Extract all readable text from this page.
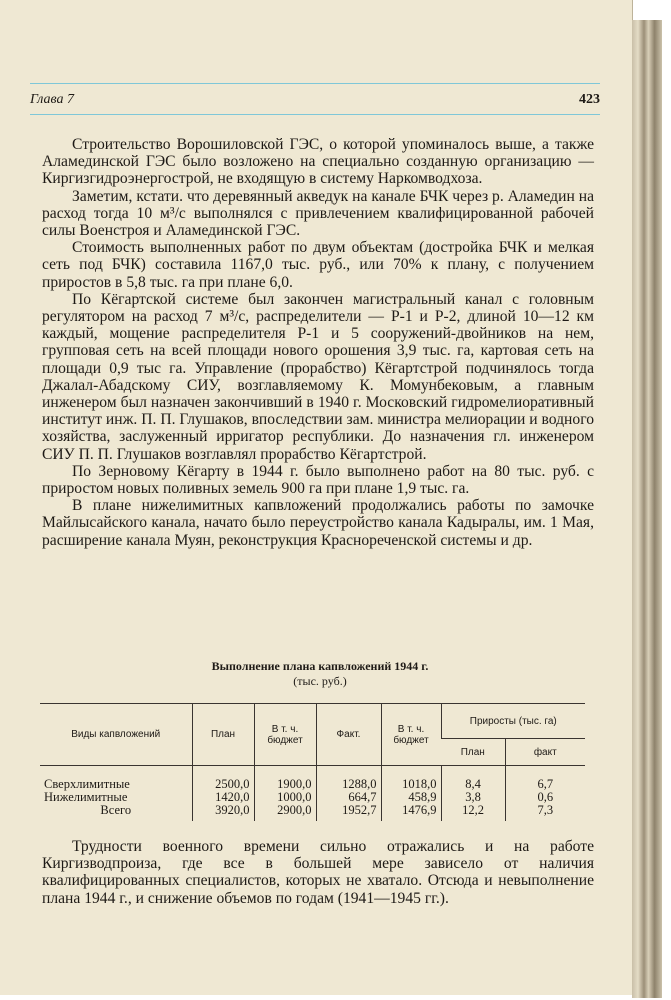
Глава 7	423

Строительство Ворошиловской ГЭС, о которой упоминалось выше, а также Аламединской ГЭС было возложено на специально созданную организацию — Киргизгидроэнергострой, не входящую в систему Наркомводхоза.

Заметим, кстати. что деревянный акведук на канале БЧК через р. Аламедин на расход тогда 10 м³/с выполнялся с привлечением квалифицированной рабочей силы Военстроя и Аламединской ГЭС.

Стоимость выполненных работ по двум объектам (достройка БЧК и мелкая сеть под БЧК) составила 1167,0 тыс. руб., или 70% к плану, с получением приростов в 5,8 тыс. га при плане 6,0.

По Кёгартской системе был закончен магистральный канал с головным регулятором на расход 7 м³/с, распределители — Р-1 и Р-2, длиной 10—12 км каждый, мощение распределителя Р-1 и 5 сооружений-двойников на нем, групповая сеть на всей площади нового орошения 3,9 тыс. га, картовая сеть на площади 0,9 тыс га. Управление (прорабство) Кёгартстрой подчинялось тогда Джалал-Абадскому СИУ, возглавляемому К. Момунбековым, а главным инженером был назначен закончивший в 1940 г. Московский гидромелиоративный институт инж. П. П. Глушаков, впоследствии зам. министра мелиорации и водного хозяйства, заслуженный ирригатор республики. До назначения гл. инженером СИУ П. П. Глушаков возглавлял прорабство Кёгартстрой.

По Зерновому Кёгарту в 1944 г. было выполнено работ на 80 тыс. руб. с приростом новых поливных земель 900 га при плане 1,9 тыс. га.

В плане нижелимитных капвложений продолжались работы по замочке Майлысайского канала, начато было переустройство канала Кадыралы, им. 1 Мая, расширение канала Муян, реконструкция Краснореченской системы и др.

Выполнение плана капвложений 1944 г.
(тыс. руб.)
Виды капвложений	План	В т. ч. бюджет	Факт.	В т. ч. бюджет	Приросты (тыс. га)	
					План	факт
Сверхлимитные	2500,0	1900,0	1288,0	1018,0	8,4	6,7
Нижелимитные	1420,0	1000,0	664,7	458,9	3,8	0,6
Всего	3920,0	2900,0	1952,7	1476,9	12,2	7,3

Трудности военного времени сильно отражались и на работе Киргизводпроиза, где все в большей мере зависело от наличия квалифицированных специалистов, которых не хватало. Отсюда и невыполнение плана 1944 г., и снижение объемов по годам (1941—1945 гг.).
